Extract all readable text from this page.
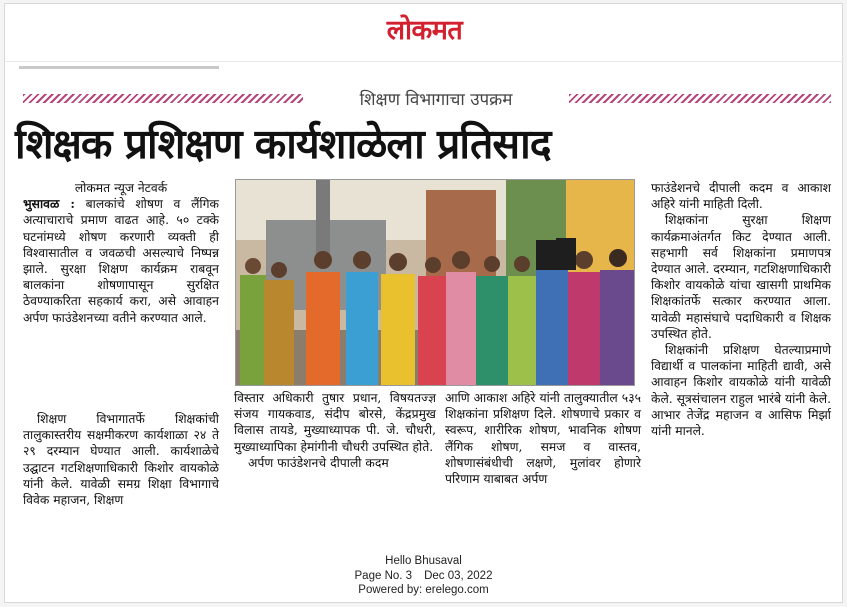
लोकमत
शिक्षण विभागाचा उपक्रम
शिक्षक प्रशिक्षण कार्यशाळेला प्रतिसाद

लोकमत न्यूज नेटवर्क

भुसावळ : बालकांचे शोषण व लैंगिक अत्याचाराचे प्रमाण वाढत आहे. ५० टक्के घटनांमध्ये शोषण करणारी व्यक्ती ही विश्वासातील व जवळची असल्याचे निष्पन्न झाले. सुरक्षा शिक्षण कार्यक्रम राबवून बालकांना शोषणापासून सुरक्षित ठेवण्याकरिता सहकार्य करा, असे आवाहन अर्पण फाउंडेशनच्या वतीने करण्यात आले.

शिक्षण विभागातर्फे शिक्षकांची तालुकास्तरीय सक्षमीकरण कार्यशाळा २४ ते २९ दरम्यान घेण्यात आली. कार्यशाळेचे उद्घाटन गटशिक्षणाधिकारी किशोर वायकोळे यांनी केले. यावेळी समग्र शिक्षा विभागाचे विवेक महाजन, शिक्षण

विस्तार अधिकारी तुषार प्रधान, विषयतज्ज्ञ संजय गायकवाड, संदीप बोरसे, केंद्रप्रमुख विलास तायडे, मुख्याध्यापक पी. जे. चौधरी, मुख्याध्यापिका हेमांगीनी चौधरी उपस्थित होते.

अर्पण फाउंडेशनचे दीपाली कदम

आणि आकाश अहिरे यांनी तालुक्यातील ५३५ शिक्षकांना प्रशिक्षण दिले. शोषणाचे प्रकार व स्वरूप, शारीरिक शोषण, भावनिक शोषण लैंगिक शोषण, समज व वास्तव, शोषणासंबंधीची लक्षणे, मुलांवर होणारे परिणाम याबाबत अर्पण

फाउंडेशनचे दीपाली कदम व आकाश अहिरे यांनी माहिती दिली.

शिक्षकांना सुरक्षा शिक्षण कार्यक्रमाअंतर्गत किट देण्यात आली. सहभागी सर्व शिक्षकांना प्रमाणपत्र देण्यात आले. दरम्यान, गटशिक्षणाधिकारी किशोर वायकोळे यांचा खासगी प्राथमिक शिक्षकांतर्फे सत्कार करण्यात आला. यावेळी महासंघाचे पदाधिकारी व शिक्षक उपस्थित होते.

शिक्षकांनी प्रशिक्षण घेतल्याप्रमाणे विद्यार्थी व पालकांना माहिती द्यावी, असे आवाहन किशोर वायकोळे यांनी यावेळी केले. सूत्रसंचालन राहुल भारंबे यांनी केले. आभार तेजेंद्र महाजन व आसिफ मिर्झा यांनी मानले.

Hello Bhusaval
Page No. 3 Dec 03, 2022
Powered by: erelego.com
